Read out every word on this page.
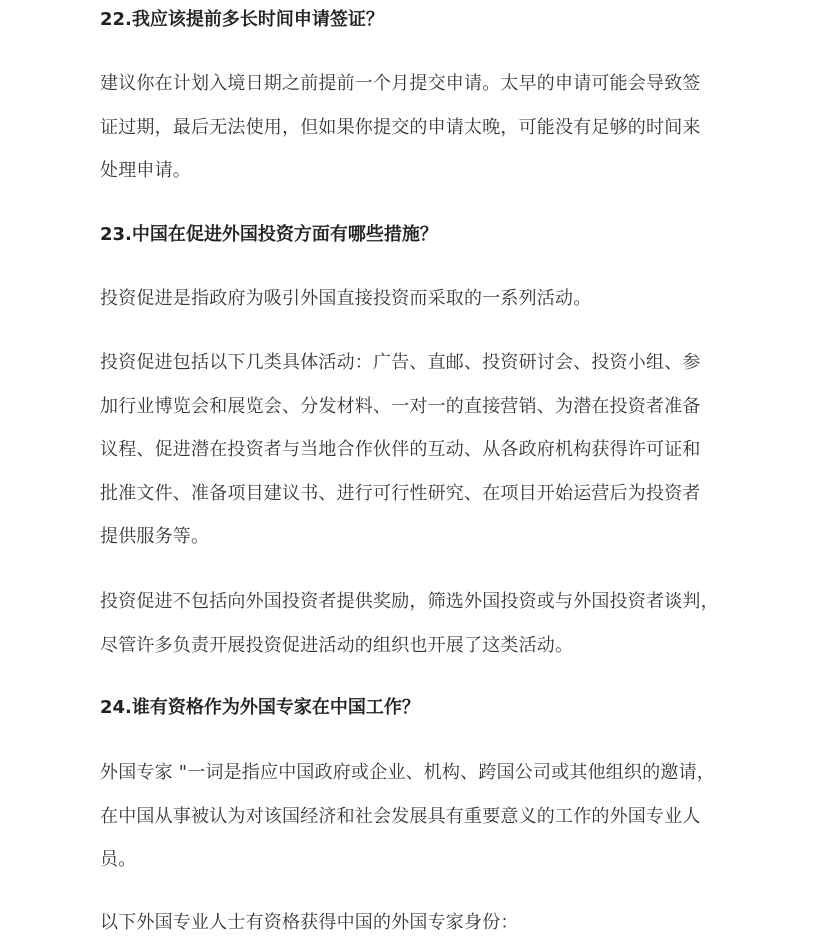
22.我应该提前多长时间申请签证？

建议你在计划入境日期之前提前一个月提交申请。太早的申请可能会导致签
证过期，最后无法使用，但如果你提交的申请太晚，可能没有足够的时间来
处理申请。

23.中国在促进外国投资方面有哪些措施？

投资促进是指政府为吸引外国直接投资而采取的一系列活动。

投资促进包括以下几类具体活动：广告、直邮、投资研讨会、投资小组、参
加行业博览会和展览会、分发材料、一对一的直接营销、为潜在投资者准备
议程、促进潜在投资者与当地合作伙伴的互动、从各政府机构获得许可证和
批准文件、准备项目建议书、进行可行性研究、在项目开始运营后为投资者
提供服务等。

投资促进不包括向外国投资者提供奖励，筛选外国投资或与外国投资者谈判，
尽管许多负责开展投资促进活动的组织也开展了这类活动。

24.谁有资格作为外国专家在中国工作？

外国专家 "一词是指应中国政府或企业、机构、跨国公司或其他组织的邀请，
在中国从事被认为对该国经济和社会发展具有重要意义的工作的外国专业人
员。

以下外国专业人士有资格获得中国的外国专家身份：
